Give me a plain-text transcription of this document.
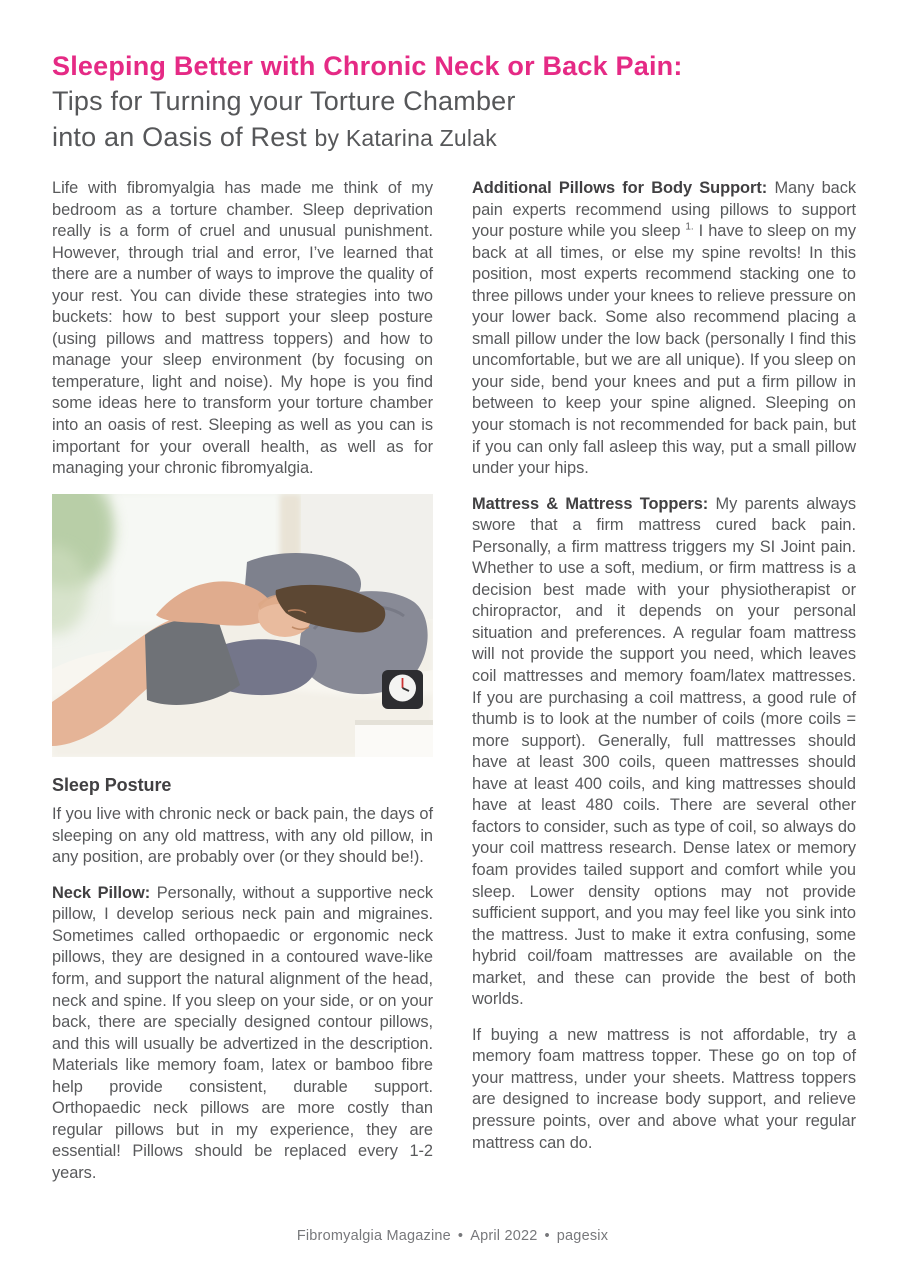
Sleeping Better with Chronic Neck or Back Pain:
Tips for Turning your Torture Chamber
into an Oasis of Rest by Katarina Zulak

Life with fibromyalgia has made me think of my bedroom as a torture chamber. Sleep deprivation really is a form of cruel and unusual punishment. However, through trial and error, I’ve learned that there are a number of ways to improve the quality of your rest. You can divide these strategies into two buckets: how to best support your sleep posture (using pillows and mattress toppers) and how to manage your sleep environment (by focusing on temperature, light and noise). My hope is you find some ideas here to transform your torture chamber into an oasis of rest. Sleeping as well as you can is important for your overall health, as well as for managing your chronic fibromyalgia.

Sleep Posture

If you live with chronic neck or back pain, the days of sleeping on any old mattress, with any old pillow, in any position, are probably over (or they should be!).

Neck Pillow: Personally, without a supportive neck pillow, I develop serious neck pain and migraines. Sometimes called orthopaedic or ergonomic neck pillows, they are designed in a contoured wave-like form, and support the natural alignment of the head, neck and spine. If you sleep on your side, or on your back, there are specially designed contour pillows, and this will usually be advertized in the description. Materials like memory foam, latex or bamboo fibre help provide consistent, durable support. Orthopaedic neck pillows are more costly than regular pillows but in my experience, they are essential! Pillows should be replaced every 1-2 years.

Additional Pillows for Body Support: Many back pain experts recommend using pillows to support your posture while you sleep $^{1.}$ I have to sleep on my back at all times, or else my spine revolts! In this position, most experts recommend stacking one to three pillows under your knees to relieve pressure on your lower back. Some also recommend placing a small pillow under the low back (personally I find this uncomfortable, but we are all unique). If you sleep on your side, bend your knees and put a firm pillow in between to keep your spine aligned. Sleeping on your stomach is not recommended for back pain, but if you can only fall asleep this way, put a small pillow under your hips.

Mattress & Mattress Toppers: My parents always swore that a firm mattress cured back pain. Personally, a firm mattress triggers my SI Joint pain. Whether to use a soft, medium, or firm mattress is a decision best made with your physiotherapist or chiropractor, and it depends on your personal situation and preferences. A regular foam mattress will not provide the support you need, which leaves coil mattresses and memory foam/latex mattresses. If you are purchasing a coil mattress, a good rule of thumb is to look at the number of coils (more coils = more support). Generally, full mattresses should have at least 300 coils, queen mattresses should have at least 400 coils, and king mattresses should have at least 480 coils. There are several other factors to consider, such as type of coil, so always do your coil mattress research. Dense latex or memory foam provides tailed support and comfort while you sleep. Lower density options may not provide sufficient support, and you may feel like you sink into the mattress. Just to make it extra confusing, some hybrid coil/foam mattresses are available on the market, and these can provide the best of both worlds.

If buying a new mattress is not affordable, try a memory foam mattress topper. These go on top of your mattress, under your sheets. Mattress toppers are designed to increase body support, and relieve pressure points, over and above what your regular mattress can do.

Fibromyalgia Magazine • April 2022 • pagesix
